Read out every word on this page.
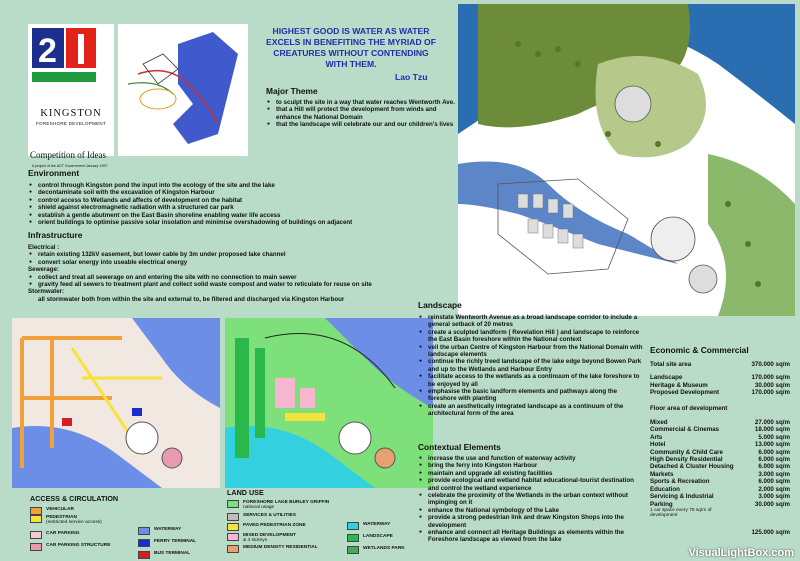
2
KINGSTON
FORESHORE DEVELOPMENT
Competition of Ideas
A project of the ACT Government January 1997
HIGHEST GOOD IS WATER AS WATER EXCELS IN BENEFITING THE MYRIAD OF CREATURES WITHOUT CONTENDING WITH THEM.
Lao Tzu
Major Theme
● to sculpt the site in a way that water reaches Wentworth Ave.
● that a Hill will protect the development from winds and enhance the National Domain
● that the landscape will celebrate our and our children's lives
Environment
● control through Kingston pond the input into the ecology of the site and the lake
● decontaminate soil with the excavation of Kingston Harbour
● control access to Wetlands and affects of development on the habitat
● shield against electromagnetic radiation with a structured car park
● establish a gentle abutment on the East Basin shoreline enabling water life access
● orient buildings to optimise passive solar insolation and minimise overshadowing of buildings on adjacent
Infrastructure
Electrical :
● retain existing 132kV easement, but lower cable by 3m under proposed lake channel
● convert solar energy into useable electrical energy
Sewerage:
● collect and treat all sewerage on and entering the site with no connection to main sewer
● gravity feed all sewers to treatment plant and collect solid waste compost and water to reticulate for reuse on site
Stormwater:
all stormwater both from within the site and external to, be filtered and discharged via Kingston Harbour
ACCESS & CIRCULATION
VEHICULAR
PEDESTRIAN
(restricted service access)
CAR PARKING
CAR PARKING STRUCTURE
WATERWAY
FERRY TERMINAL
BUS TERMINAL
LAND USE
FORESHORE LAKE BURLEY GRIFFIN
national usage
SERVICES & UTILITIES
PAVED PEDESTRIAN ZONE
MIXED DEVELOPMENT
& 4 storeys
MEDIUM DENSITY RESIDENTIAL
WATERWAY
LANDSCAPE
WETLANDS PARK
Landscape
● reinstate Wentworth Avenue as a broad landscape corridor to include a general setback of 20 metres
● create a sculpted landform ( Revelation Hill ) and landscape to reinforce the East Basin foreshore within the National context
● veil the urban Centre of Kingston Harbour from the National Domain with landscape elements
● continue the richly treed landscape of the lake edge beyond Bowen Park and up to the Wetlands and Harbour Entry
● facilitate access to the wetlands as a continuum of the lake foreshore to be enjoyed by all
● emphasise the basic landform elements and pathways along the foreshore with planting
● create an aesthetically integrated landscape as a continuum of the architectural form of the area
Contextual Elements
● increase the use and function of waterway activity
● bring the ferry into Kingston Harbour
● maintain and upgrade all existing facilities
● provide ecological and wetland habitat educational-tourist destination and control the wetland experience
● celebrate the proximity of the Wetlands in the urban context without impinging on it
● enhance the National symbology of the Lake
● provide a strong pedestrian link and draw Kingston Shops into the development
● enhance and connect all Heritage Buildings as elements within the Foreshore landscape as viewed from the lake
Economic & Commercial
Total site area	370.000 sq/m
Landscape	170.000 sq/m
Heritage & Museum	30.000 sq/m
Proposed Development	170.000 sq/m
Floor area of development
Mixed	27.000 sq/m
Commercial & Cinemas	18.000 sq/m
Arts	5.000 sq/m
Hotel	13.000 sq/m
Community & Child Care	6.000 sq/m
High Density Residential	6.000 sq/m
Detached & Cluster Housing	6.000 sq/m
Markets	3.000 sq/m
Sports & Recreation	6.000 sq/m
Education	2.000 sq/m
Servicing & Industrial	3.000 sq/m
Parking	30.000 sq/m
1 car space every 75 sq/m of development
125.000 sq/m
VisualLightBox.com
